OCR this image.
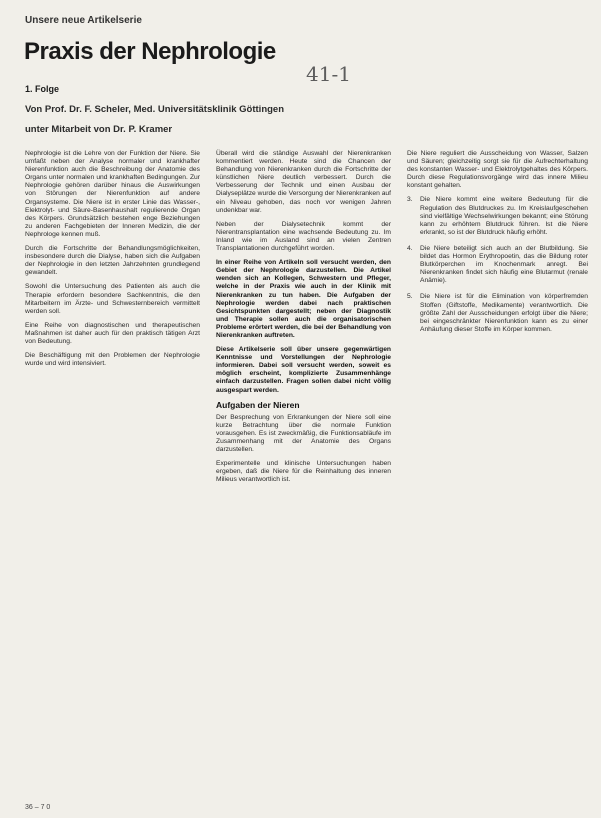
Unsere neue Artikelserie
Praxis der Nephrologie
41-1
1. Folge
Von Prof. Dr. F. Scheler, Med. Universitätsklinik Göttingen
unter Mitarbeit von Dr. P. Kramer

Nephrologie ist die Lehre von der Funktion der Niere. Sie umfaßt neben der Analyse normaler und krankhafter Nierenfunktion auch die Beschreibung der Anatomie des Organs unter normalen und krankhaften Bedingungen. Zur Nephrologie gehören darüber hinaus die Auswirkungen von Störungen der Nierenfunktion auf andere Organsysteme. Die Niere ist in erster Linie das Wasser-, Elektrolyt- und Säure-Basenhaushalt regulierende Organ des Körpers. Grundsätzlich bestehen enge Beziehungen zu anderen Fachgebieten der Inneren Medizin, die der Nephrologe kennen muß.

Durch die Fortschritte der Behandlungsmöglichkeiten, insbesondere durch die Dialyse, haben sich die Aufgaben der Nephrologie in den letzten Jahrzehnten grundlegend gewandelt.

Sowohl die Untersuchung des Patienten als auch die Therapie erfordern besondere Sachkenntnis, die den Mitarbeitern im Ärzte- und Schwesternbereich vermittelt werden soll.

Eine Reihe von diagnostischen und therapeutischen Maßnahmen ist daher auch für den praktisch tätigen Arzt von Bedeutung.

Die Beschäftigung mit den Problemen der Nephrologie wurde und wird intensiviert.

Überall wird die ständige Auswahl der Nierenkranken kommentiert werden. Heute sind die Chancen der Behandlung von Nierenkranken durch die Fortschritte der künstlichen Niere deutlich verbessert. Durch die Verbesserung der Technik und einen Ausbau der Dialyseplätze wurde die Versorgung der Nierenkranken auf ein Niveau gehoben, das noch vor wenigen Jahren undenkbar war.

Neben der Dialysetechnik kommt der Nierentransplantation eine wachsende Bedeutung zu. Im Inland wie im Ausland sind an vielen Zentren Transplantationen durchgeführt worden.

In einer Reihe von Artikeln soll versucht werden, den Gebiet der Nephrologie darzustellen. Die Artikel wenden sich an Kollegen, Schwestern und Pfleger, welche in der Praxis wie auch in der Klinik mit Nierenkranken zu tun haben. Die Aufgaben der Nephrologie werden dabei nach praktischen Gesichtspunkten dargestellt; neben der Diagnostik und Therapie sollen auch die organisatorischen Probleme erörtert werden, die bei der Behandlung von Nierenkranken auftreten.

Diese Artikelserie soll über unsere gegenwärtigen Kenntnisse und Vorstellungen der Nephrologie informieren. Dabei soll versucht werden, soweit es möglich erscheint, komplizierte Zusammenhänge einfach darzustellen. Fragen sollen dabei nicht völlig ausgespart werden.

Aufgaben der Nieren

Der Besprechung von Erkrankungen der Niere soll eine kurze Betrachtung über die normale Funktion vorausgehen. Es ist zweckmäßig, die Funktionsabläufe im Zusammenhang mit der Anatomie des Organs darzustellen.

Experimentelle und klinische Untersuchungen haben ergeben, daß die Niere für die Reinhaltung des inneren Milieus verantwortlich ist.

Die Niere reguliert die Ausscheidung von Wasser, Salzen und Säuren; gleichzeitig sorgt sie für die Aufrechterhaltung des konstanten Wasser- und Elektrolytgehaltes des Körpers. Durch diese Regulationsvorgänge wird das innere Milieu konstant gehalten.

3.	Die Niere kommt eine weitere Bedeutung für die Regulation des Blutdruckes zu. Im Kreislaufgeschehen sind vielfältige Wechselwirkungen bekannt; eine Störung kann zu erhöhtem Blutdruck führen. Ist die Niere erkrankt, so ist der Blutdruck häufig erhöht.
4.	Die Niere beteiligt sich auch an der Blutbildung. Sie bildet das Hormon Erythropoetin, das die Bildung roter Blutkörperchen im Knochenmark anregt. Bei Nierenkranken findet sich häufig eine Blutarmut (renale Anämie).
5.	Die Niere ist für die Elimination von körperfremden Stoffen (Giftstoffe, Medikamente) verantwortlich. Die größte Zahl der Ausscheidungen erfolgt über die Niere; bei eingeschränkter Nierenfunktion kann es zu einer Anhäufung dieser Stoffe im Körper kommen.
36 – 7 0
